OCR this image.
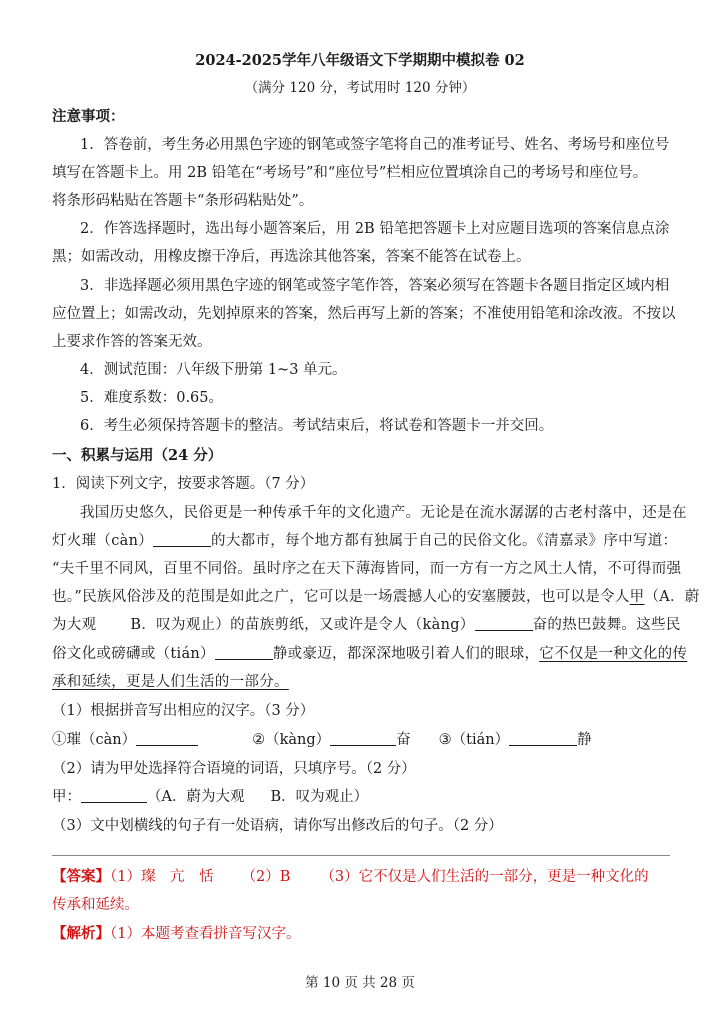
2024-2025学年八年级语文下学期期中模拟卷 02
（满分 120 分，考试用时 120 分钟）
注意事项：
1．答卷前，考生务必用黑色字迹的钢笔或签字笔将自己的准考证号、姓名、考场号和座位号
填写在答题卡上。用 2B 铅笔在“考场号”和“座位号”栏相应位置填涂自己的考场号和座位号。
将条形码粘贴在答题卡“条形码粘贴处”。
2．作答选择题时，选出每小题答案后，用 2B 铅笔把答题卡上对应题目选项的答案信息点涂
黑；如需改动，用橡皮擦干净后，再选涂其他答案，答案不能答在试卷上。
3．非选择题必须用黑色字迹的钢笔或签字笔作答，答案必须写在答题卡各题目指定区域内相
应位置上；如需改动，先划掉原来的答案，然后再写上新的答案；不准使用铅笔和涂改液。不按以
上要求作答的答案无效。
4．测试范围：八年级下册第 1~3 单元。
5．难度系数：0.65。
6．考生必须保持答题卡的整洁。考试结束后，将试卷和答题卡一并交回。
一、积累与运用（24 分）
1．阅读下列文字，按要求答题。（7 分）
我国历史悠久，民俗更是一种传承千年的文化遗产。无论是在流水潺潺的古老村落中，还是在
灯火璀（càn）	的大都市，每个地方都有独属于自己的民俗文化。《清嘉录》序中写道：
“夫千里不同风，百里不同俗。虽时序之在天下薄海皆同，而一方有一方之风土人情，不可得而强
也。”民族风俗涉及的范围是如此之广，它可以是一场震撼人心的安塞腰鼓，也可以是令人甲（A．蔚
为大观 B．叹为观止）的苗族剪纸，又或许是令人（kàng）	奋的热巴鼓舞。这些民
俗文化或磅礴或（tián）	静或豪迈，都深深地吸引着人们的眼球，它不仅是一种文化的传
承和延续，更是人们生活的一部分。
（1）根据拼音写出相应的汉字。（3 分）
①璀（càn）	②（kàng）	奋 ③（tián）	静
（2）请为甲处选择符合语境的词语，只填序号。（2 分）
甲：	（A．蔚为大观 B．叹为观止）
（3）文中划横线的句子有一处语病，请你写出修改后的句子。（2 分）
【答案】（1）璨　亢　恬 （2）B （3）它不仅是人们生活的一部分，更是一种文化的
传承和延续。
【解析】（1）本题考查看拼音写汉字。
第 10 页 共 28 页
